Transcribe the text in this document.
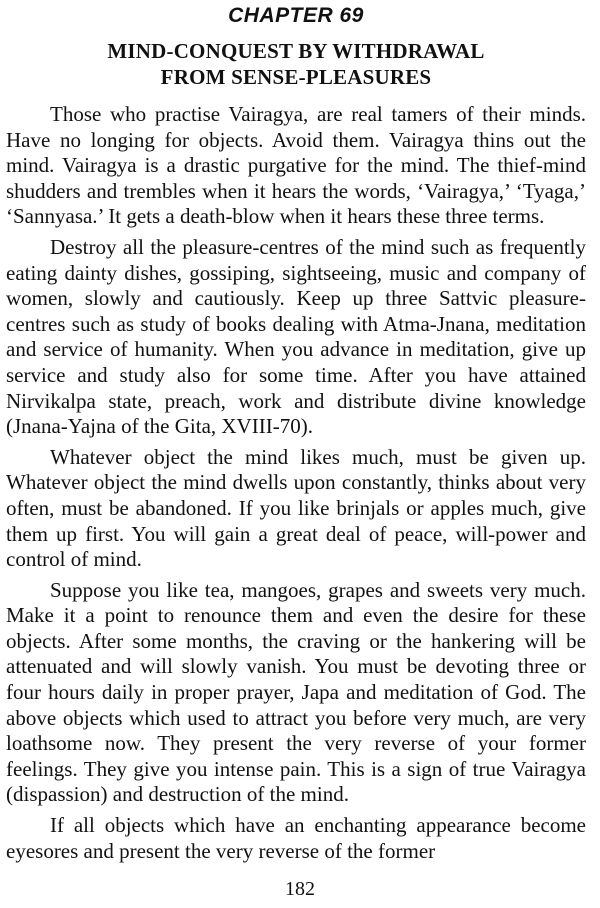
CHAPTER 69
MIND-CONQUEST BY WITHDRAWAL
FROM SENSE-PLEASURES

Those who practise Vairagya, are real tamers of their minds. Have no longing for objects. Avoid them. Vairagya thins out the mind. Vairagya is a drastic purgative for the mind. The thief-mind shudders and trembles when it hears the words, ‘Vairagya,’ ‘Tyaga,’ ‘Sannyasa.’ It gets a death-blow when it hears these three terms.

Destroy all the pleasure-centres of the mind such as frequently eating dainty dishes, gossiping, sightseeing, music and company of women, slowly and cautiously. Keep up three Sattvic pleasure-centres such as study of books dealing with Atma-Jnana, meditation and service of humanity. When you advance in meditation, give up service and study also for some time. After you have attained Nirvikalpa state, preach, work and distribute divine knowledge (Jnana-Yajna of the Gita, XVIII-70).

Whatever object the mind likes much, must be given up. Whatever object the mind dwells upon constantly, thinks about very often, must be abandoned. If you like brinjals or apples much, give them up first. You will gain a great deal of peace, will-power and control of mind.

Suppose you like tea, mangoes, grapes and sweets very much. Make it a point to renounce them and even the desire for these objects. After some months, the craving or the hankering will be attenuated and will slowly vanish. You must be devoting three or four hours daily in proper prayer, Japa and meditation of God. The above objects which used to attract you before very much, are very loathsome now. They present the very reverse of your former feelings. They give you intense pain. This is a sign of true Vairagya (dispassion) and destruction of the mind.

If all objects which have an enchanting appearance become eyesores and present the very reverse of the former

182
